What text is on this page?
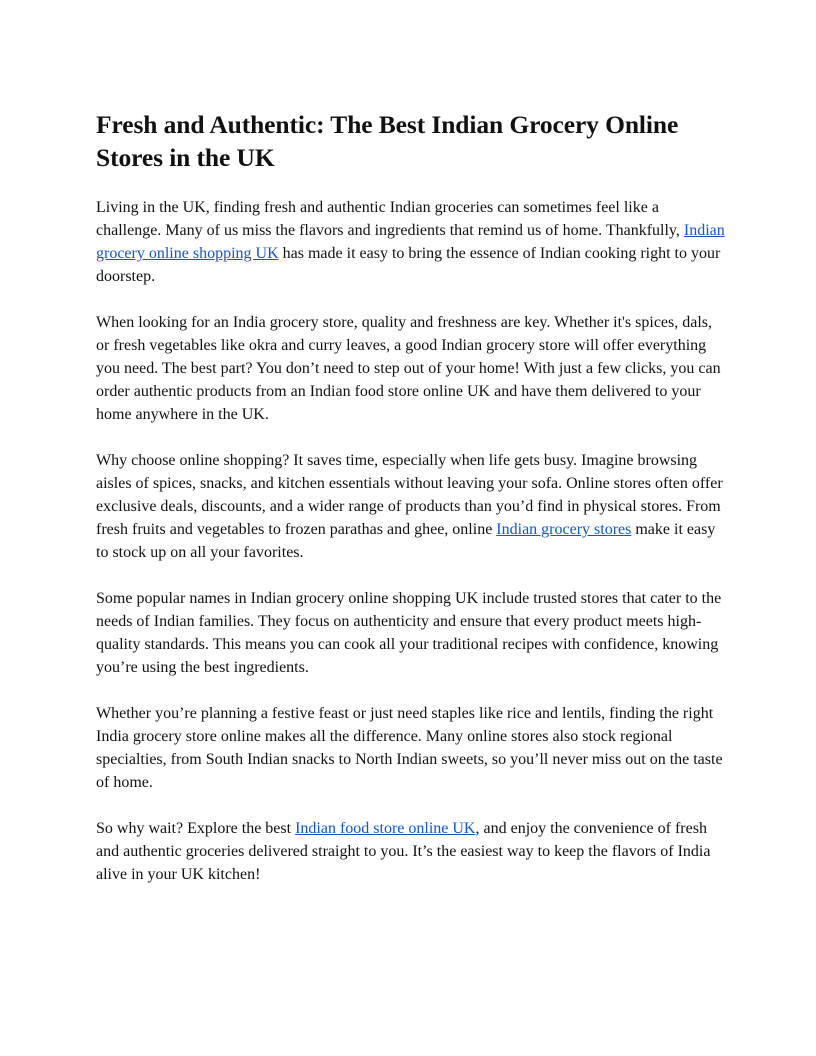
Fresh and Authentic: The Best Indian Grocery Online Stores in the UK

Living in the UK, finding fresh and authentic Indian groceries can sometimes feel like a challenge. Many of us miss the flavors and ingredients that remind us of home. Thankfully, Indian grocery online shopping UK has made it easy to bring the essence of Indian cooking right to your doorstep.

When looking for an India grocery store, quality and freshness are key. Whether it's spices, dals, or fresh vegetables like okra and curry leaves, a good Indian grocery store will offer everything you need. The best part? You don’t need to step out of your home! With just a few clicks, you can order authentic products from an Indian food store online UK and have them delivered to your home anywhere in the UK.

Why choose online shopping? It saves time, especially when life gets busy. Imagine browsing aisles of spices, snacks, and kitchen essentials without leaving your sofa. Online stores often offer exclusive deals, discounts, and a wider range of products than you’d find in physical stores. From fresh fruits and vegetables to frozen parathas and ghee, online Indian grocery stores make it easy to stock up on all your favorites.

Some popular names in Indian grocery online shopping UK include trusted stores that cater to the needs of Indian families. They focus on authenticity and ensure that every product meets high-quality standards. This means you can cook all your traditional recipes with confidence, knowing you’re using the best ingredients.

Whether you’re planning a festive feast or just need staples like rice and lentils, finding the right India grocery store online makes all the difference. Many online stores also stock regional specialties, from South Indian snacks to North Indian sweets, so you’ll never miss out on the taste of home.

So why wait? Explore the best Indian food store online UK, and enjoy the convenience of fresh and authentic groceries delivered straight to you. It’s the easiest way to keep the flavors of India alive in your UK kitchen!
